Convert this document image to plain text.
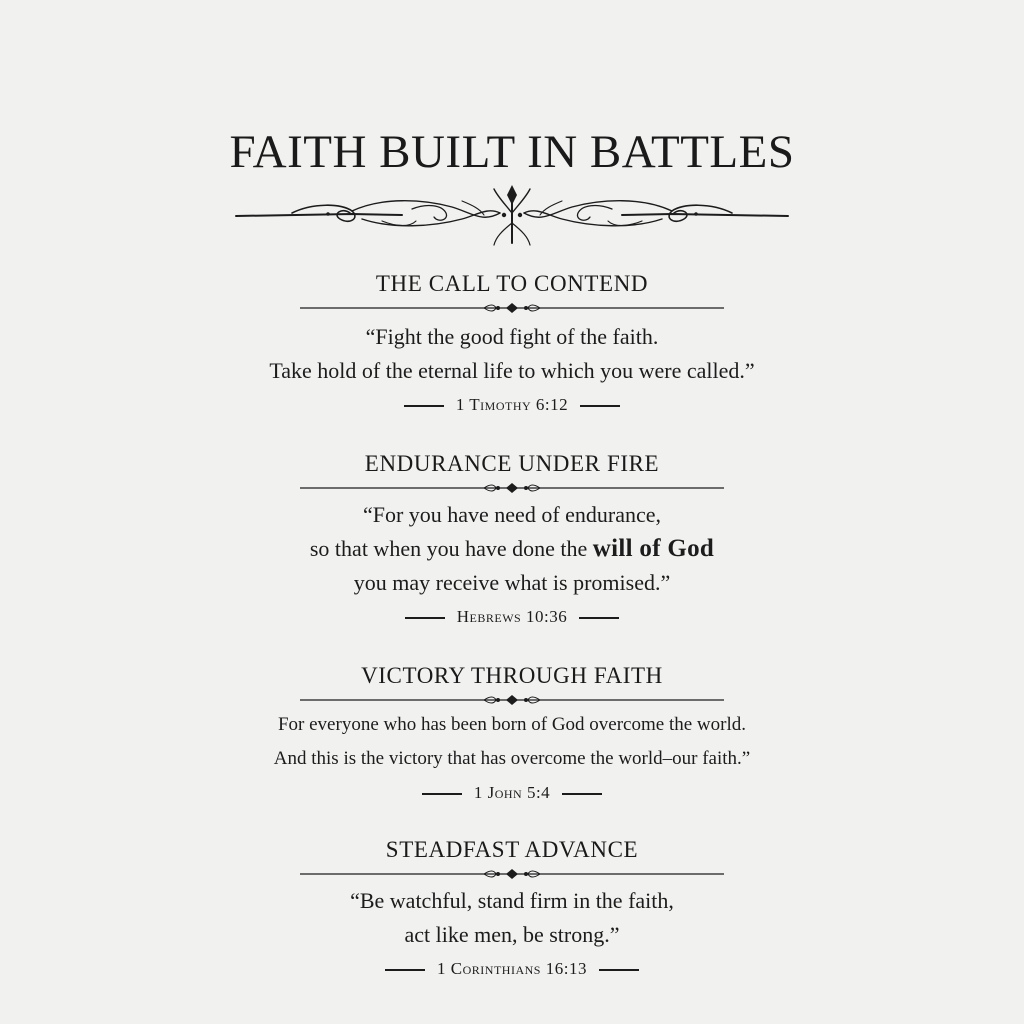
FAITH BUILT IN BATTLES
THE CALL TO CONTEND
“Fight the good fight of the faith.
Take hold of the eternal life to which you were called.”
1 Timothy 6:12
ENDURANCE UNDER FIRE
“For you have need of endurance,
so that when you have done the will of God
you may receive what is promised.”
Hebrews 10:36
VICTORY THROUGH FAITH
For everyone who has been born of God overcome the world.
And this is the victory that has overcome the world–our faith.”
1 John 5:4
STEADFAST ADVANCE
“Be watchful, stand firm in the faith,
act like men, be strong.”
1 Corinthians 16:13
